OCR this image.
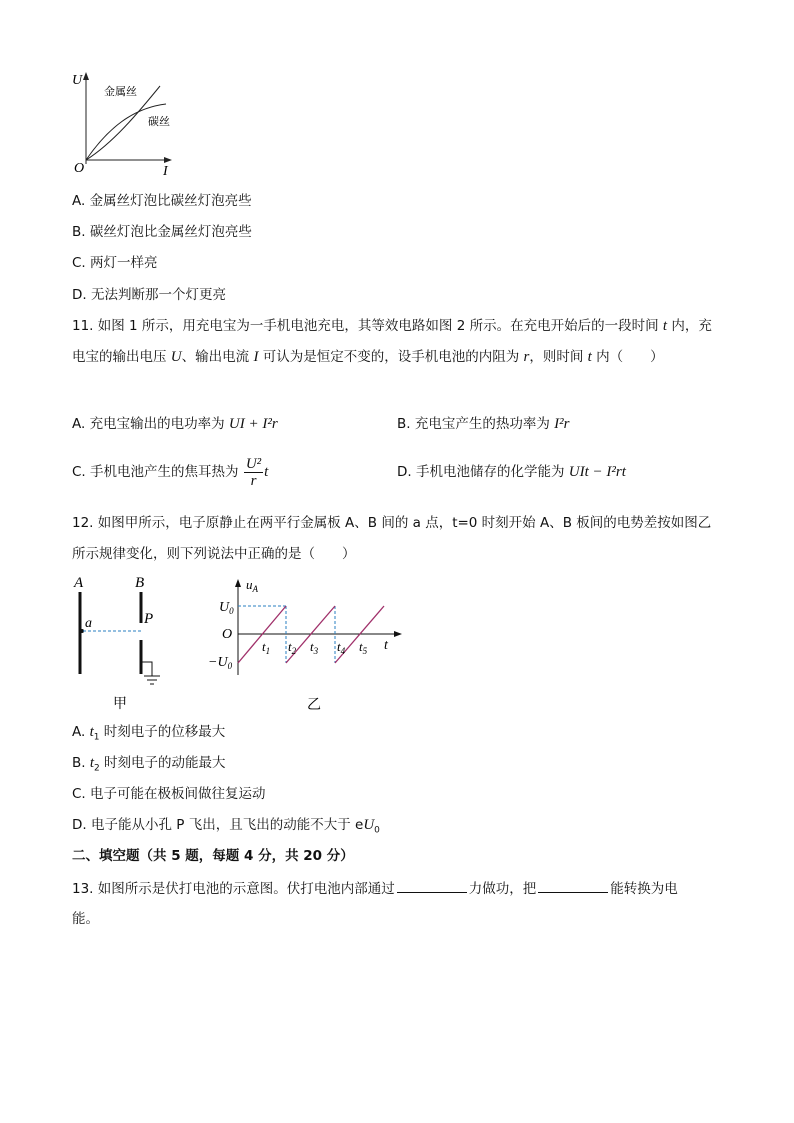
U
I
O
金属丝
碳丝
A. 金属丝灯泡比碳丝灯泡亮些
B. 碳丝灯泡比金属丝灯泡亮些
C. 两灯一样亮
D. 无法判断那一个灯更亮
11. 如图 1 所示，用充电宝为一手机电池充电，其等效电路如图 2 所示。在充电开始后的一段时间 t 内，充
电宝的输出电压 U、输出电流 I 可认为是恒定不变的，设手机电池的内阻为 r，则时间 t 内（　　）
A. 充电宝输出的电功率为 UI + I²r	B. 充电宝产生的热功率为 I²r
C. 手机电池产生的焦耳热为 $\frac{\text{U²}}{r}$ t	D. 手机电池储存的化学能为 UIt − I²rt
12. 如图甲所示，电子原静止在两平行金属板 A、B 间的 a 点，t=0 时刻开始 A、B 板间的电势差按如图乙
所示规律变化，则下列说法中正确的是（　　）
A	B
a	P
甲
$u_A$
$U_0$
O
$-U_0$
$t_1$ $t_2$ $t_3$ $t_4$ $t_5$ t
乙
A. $t_1$ 时刻电子的位移最大
B. $t_2$ 时刻电子的动能最大
C. 电子可能在极板间做往复运动
D. 电子能从小孔 P 飞出，且飞出的动能不大于 $eU_0$
二、填空题（共 5 题，每题 4 分，共 20 分）
13. 如图所示是伏打电池的示意图。伏打电池内部通过	力做功，把	能转换为电
能。
